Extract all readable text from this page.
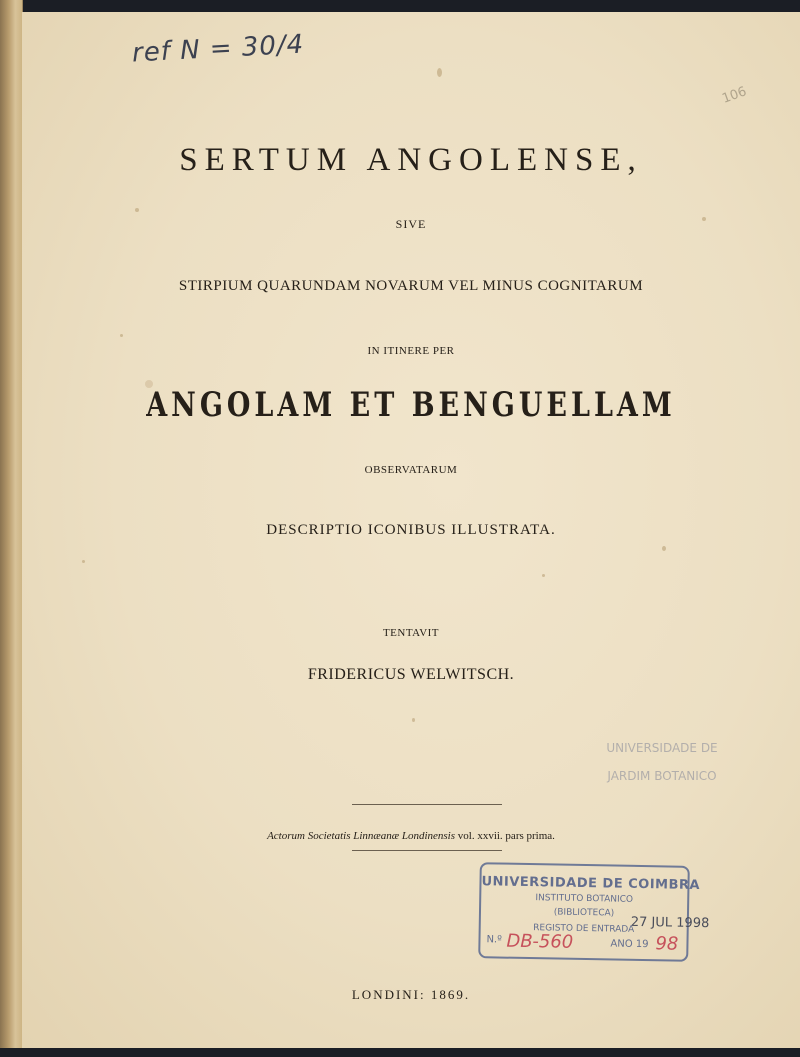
ref N = 30/4
106
SERTUM ANGOLENSE,
SIVE
STIRPIUM QUARUNDAM NOVARUM VEL MINUS COGNITARUM
IN ITINERE PER
ANGOLAM ET BENGUELLAM
OBSERVATARUM
DESCRIPTIO ICONIBUS ILLUSTRATA.
TENTAVIT
FRIDERICUS WELWITSCH.
UNIVERSIDADE DE
JARDIM BOTANICO
Actorum Societatis Linnæanæ Londinensis vol. xxvii. pars prima.
UNIVERSIDADE DE COIMBRA
INSTITUTO BOTANICO
(BIBLIOTECA)
27 JUL 1998
REGISTO DE ENTRADA
N.º DB-560	ANO 19 98
LONDINI: 1869.
